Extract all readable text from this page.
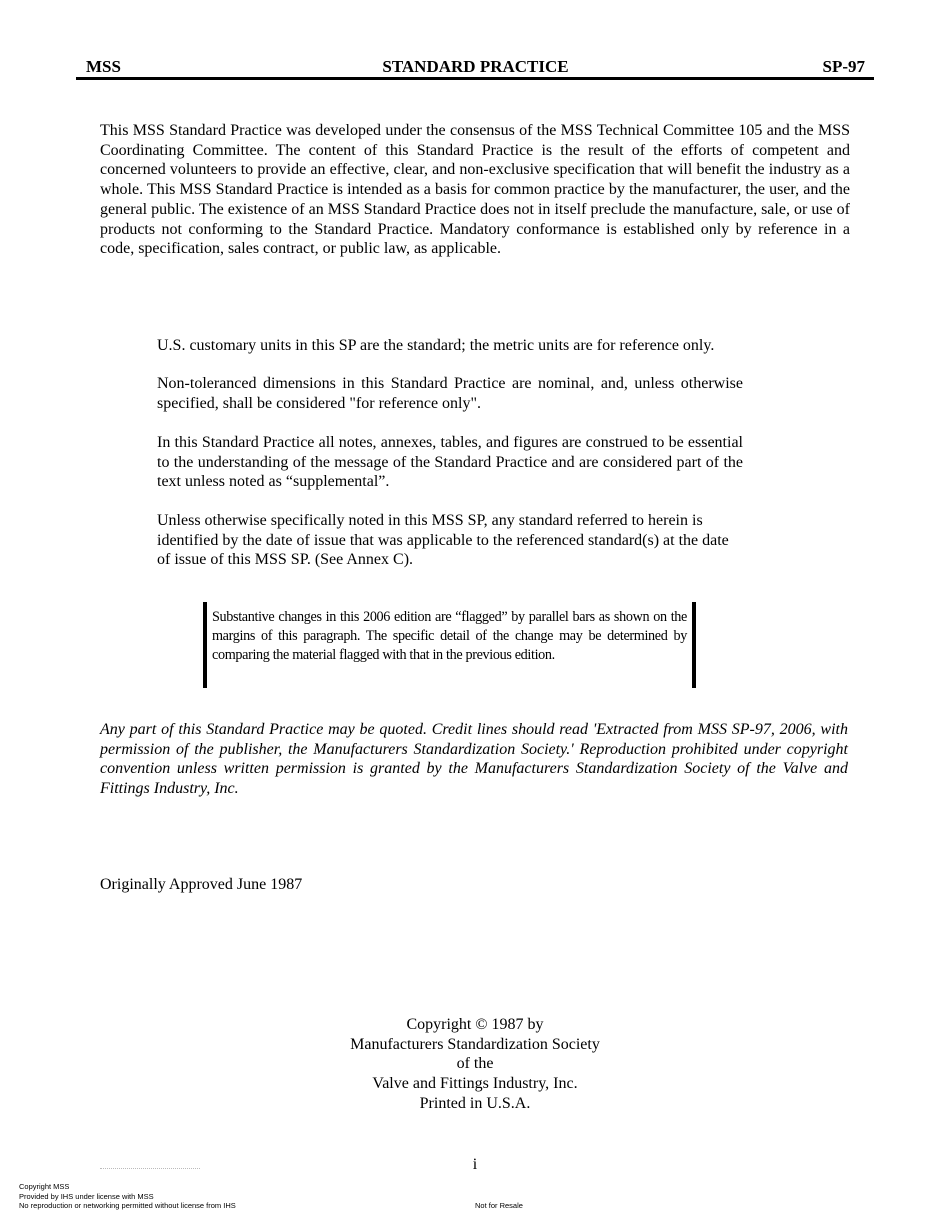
STANDARD PRACTICE
MSS	SP-97
This MSS Standard Practice was developed under the consensus of the MSS Technical Committee 105 and the MSS Coordinating Committee. The content of this Standard Practice is the result of the efforts of competent and concerned volunteers to provide an effective, clear, and non-exclusive specification that will benefit the industry as a whole. This MSS Standard Practice is intended as a basis for common practice by the manufacturer, the user, and the general public. The existence of an MSS Standard Practice does not in itself preclude the manufacture, sale, or use of products not conforming to the Standard Practice. Mandatory conformance is established only by reference in a code, specification, sales contract, or public law, as applicable.
U.S. customary units in this SP are the standard; the metric units are for reference only.
Non-toleranced dimensions in this Standard Practice are nominal, and, unless otherwise specified, shall be considered "for reference only".
In this Standard Practice all notes, annexes, tables, and figures are construed to be essential to the understanding of the message of the Standard Practice and are considered part of the text unless noted as “supplemental”.
Unless otherwise specifically noted in this MSS SP, any standard referred to herein is identified by the date of issue that was applicable to the referenced standard(s) at the date of issue of this MSS SP. (See Annex C).
Substantive changes in this 2006 edition are “flagged” by parallel bars as shown on the margins of this paragraph. The specific detail of the change may be determined by comparing the material flagged with that in the previous edition.
Any part of this Standard Practice may be quoted. Credit lines should read 'Extracted from MSS SP-97, 2006, with permission of the publisher, the Manufacturers Standardization Society.' Reproduction prohibited under copyright convention unless written permission is granted by the Manufacturers Standardization Society of the Valve and Fittings Industry, Inc.
Originally Approved June 1987
Copyright © 1987 by
Manufacturers Standardization Society
of the
Valve and Fittings Industry, Inc.
Printed in U.S.A.
i
Copyright MSS
Provided by IHS under license with MSS
No reproduction or networking permitted without license from IHS	Not for Resale
